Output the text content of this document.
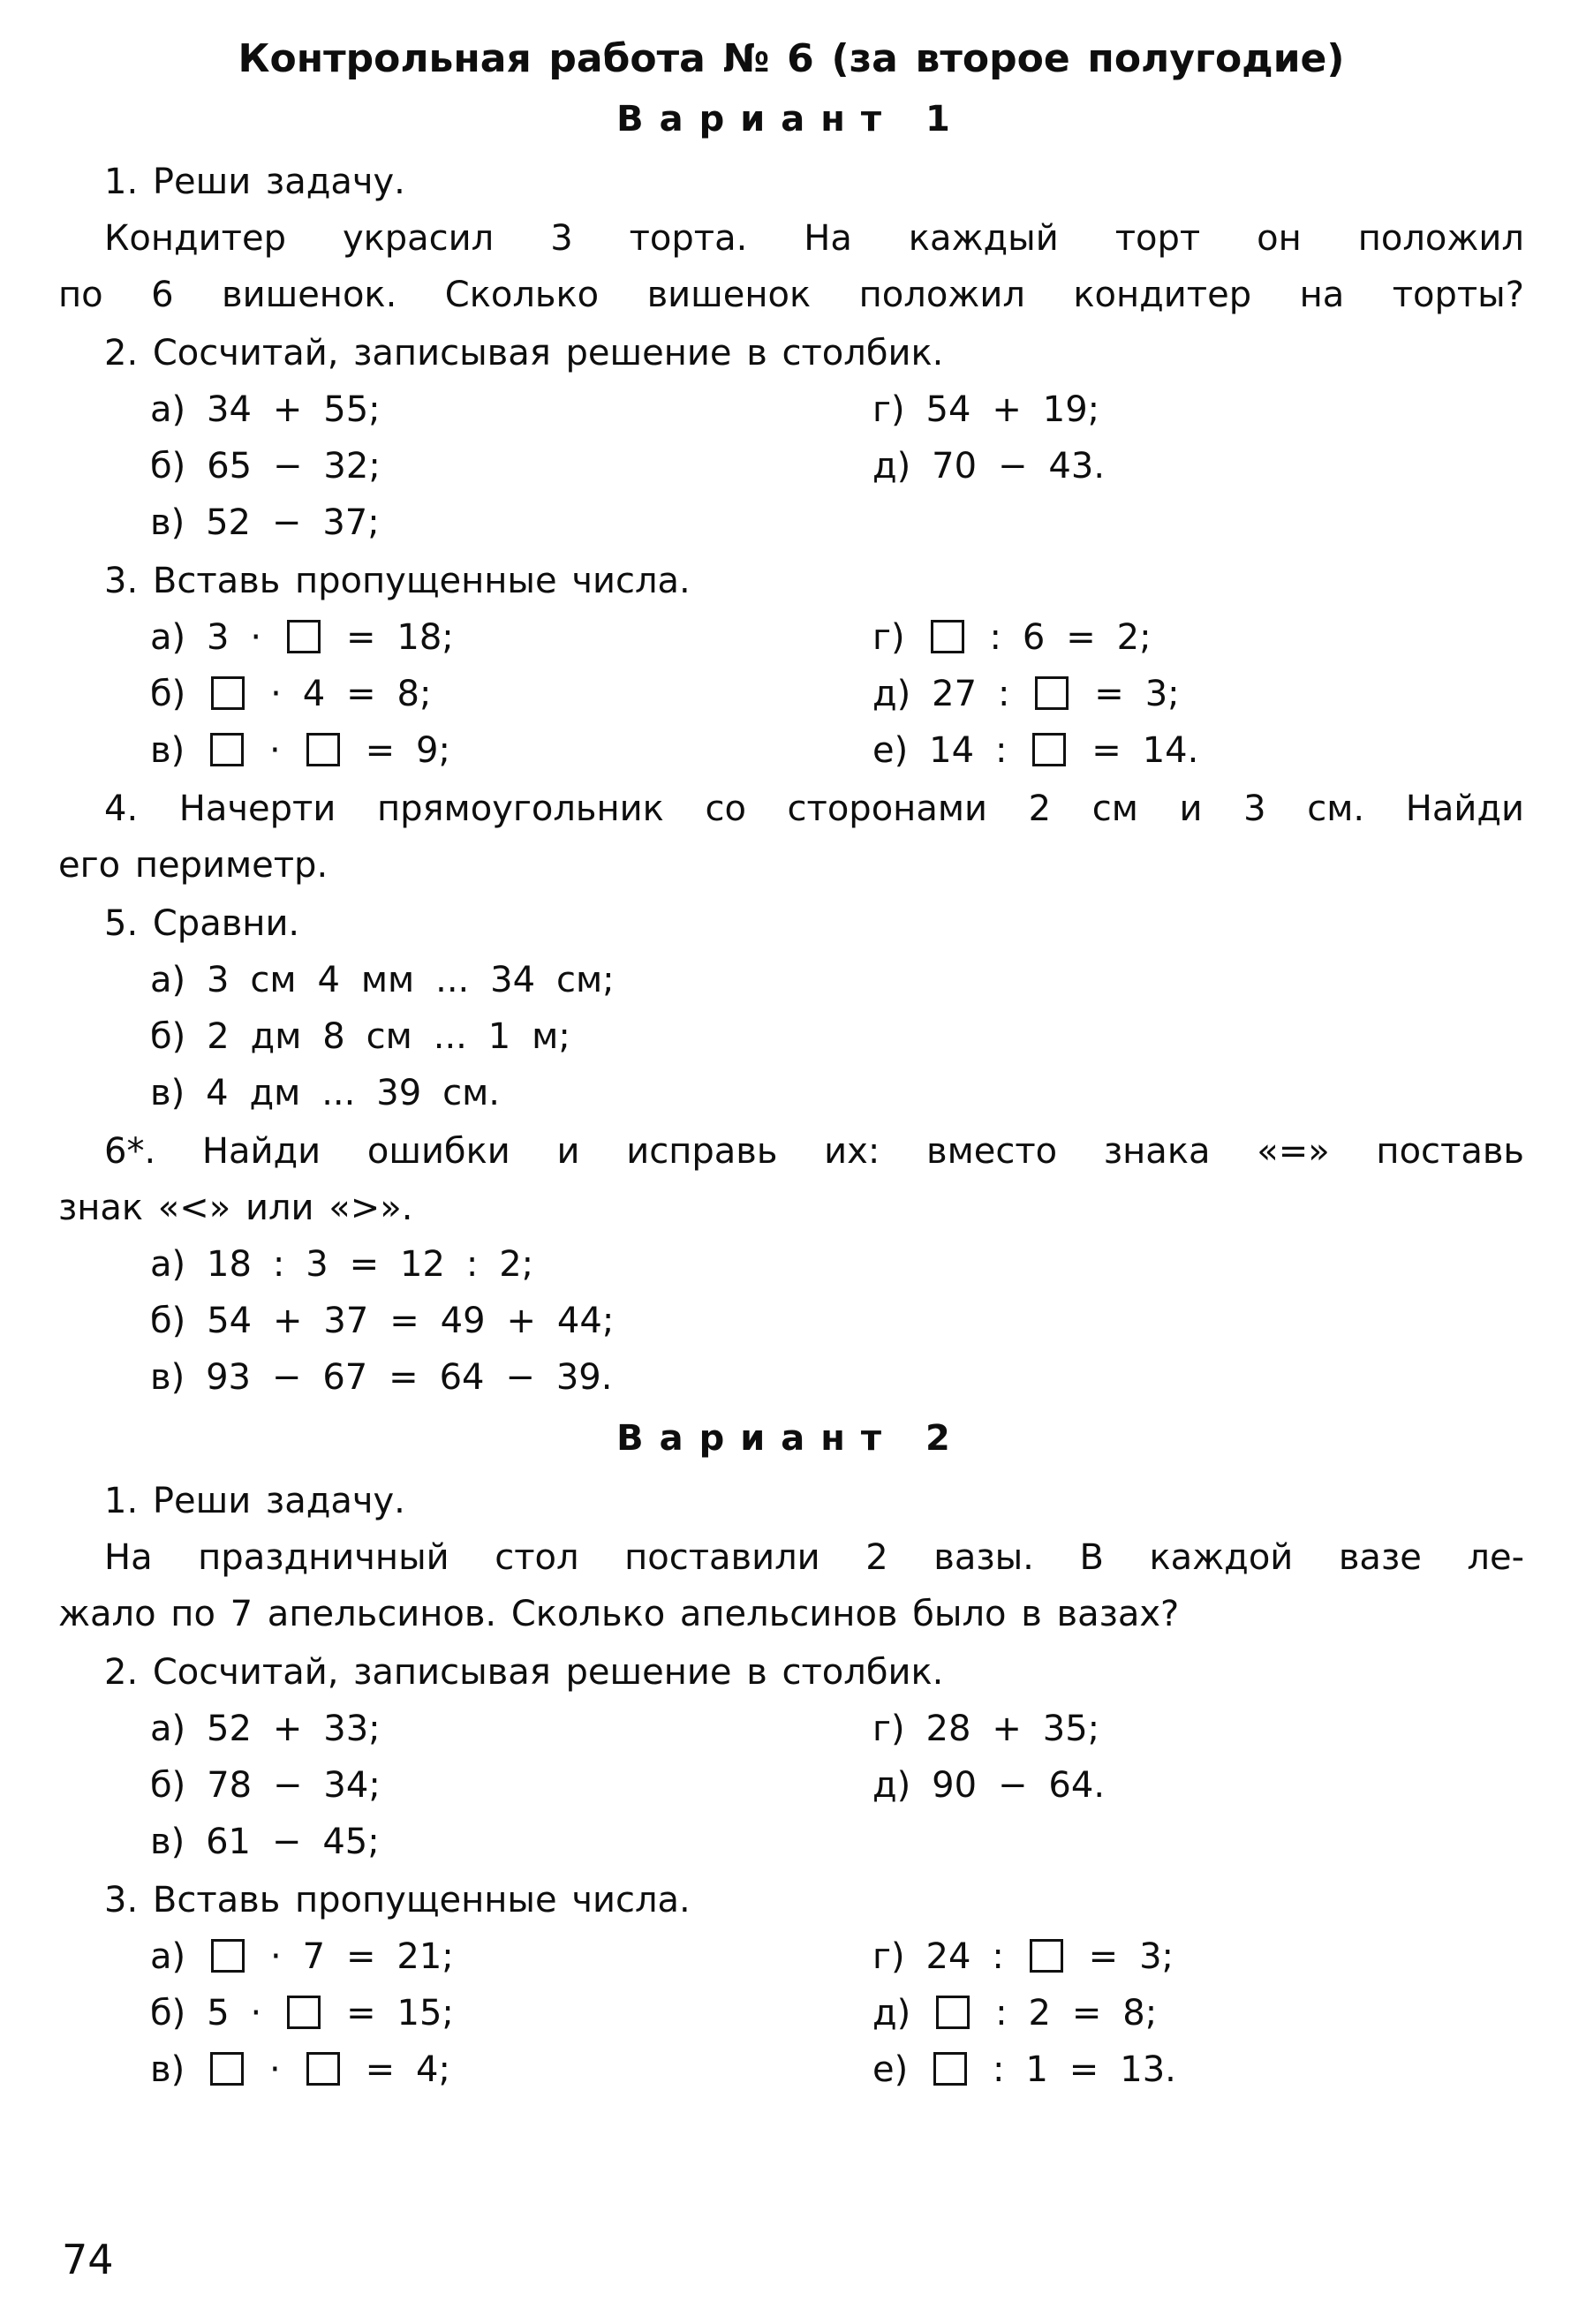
Контрольная работа № 6 (за второе полугодие)
Вариант 1
1. Реши задачу.
Кондитер украсил 3 торта. На каждый торт он положил
по 6 вишенок. Сколько вишенок положил кондитер на торты?
2. Сосчитай, записывая решение в столбик.
а) 34 + 55;
б) 65 − 32;
в) 52 − 37;
г) 54 + 19;
д) 70 − 43.
3. Вставь пропущенные числа.
а) 3 ·  = 18;
б)  · 4 = 8;
в)  ·  = 9;
г)  : 6 = 2;
д) 27 :  = 3;
е) 14 :  = 14.
4. Начерти прямоугольник со сторонами 2 см и 3 см. Найди
его периметр.
5. Сравни.
а) 3 см 4 мм ... 34 см;
б) 2 дм 8 см ... 1 м;
в) 4 дм ... 39 см.
6*. Найди ошибки и исправь их: вместо знака «=» поставь
знак «<» или «>».
а) 18 : 3 = 12 : 2;
б) 54 + 37 = 49 + 44;
в) 93 − 67 = 64 − 39.
Вариант 2
1. Реши задачу.
На праздничный стол поставили 2 вазы. В каждой вазе ле-
жало по 7 апельсинов. Сколько апельсинов было в вазах?
2. Сосчитай, записывая решение в столбик.
а) 52 + 33;
б) 78 − 34;
в) 61 − 45;
г) 28 + 35;
д) 90 − 64.
3. Вставь пропущенные числа.
а)  · 7 = 21;
б) 5 ·  = 15;
в)  ·  = 4;
г) 24 :  = 3;
д)  : 2 = 8;
е)  : 1 = 13.
74
